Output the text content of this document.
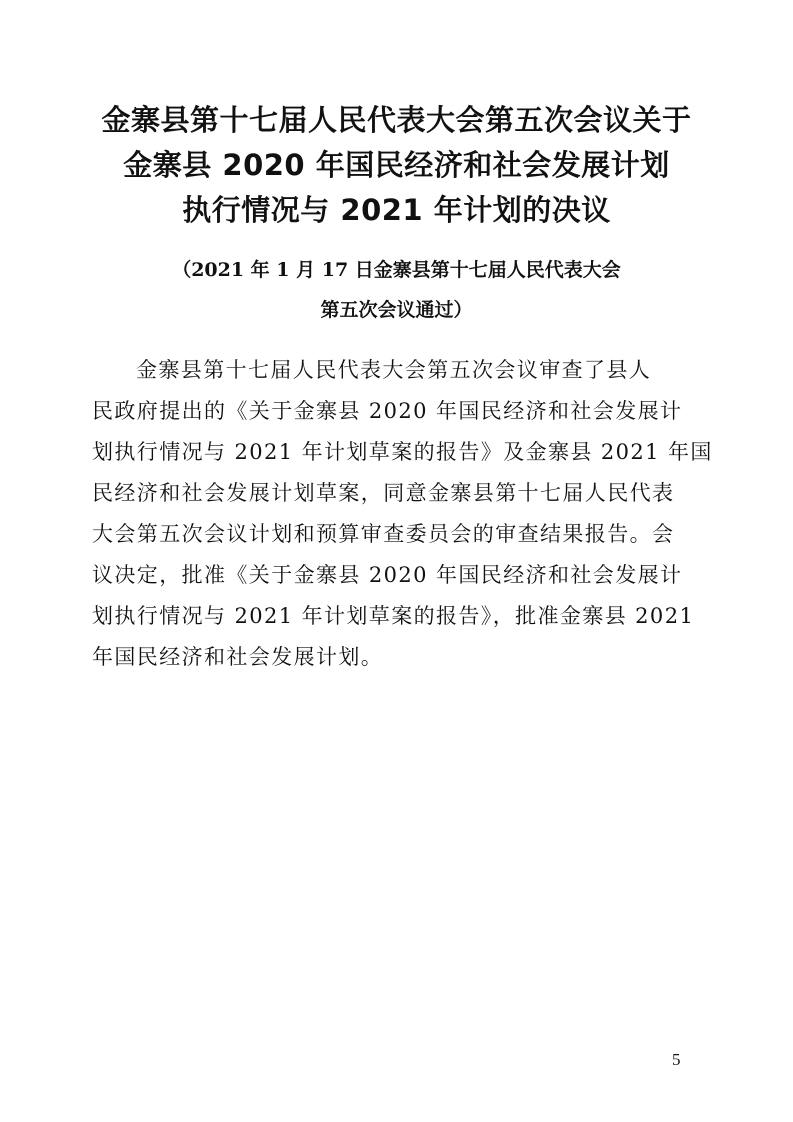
金寨县第十七届人民代表大会第五次会议关于
金寨县 2020 年国民经济和社会发展计划
执行情况与 2021 年计划的决议
（2021 年 1 月 17 日金寨县第十七届人民代表大会
第五次会议通过）
金寨县第十七届人民代表大会第五次会议审查了县人
民政府提出的《关于金寨县 2020 年国民经济和社会发展计
划执行情况与 2021 年计划草案的报告》及金寨县 2021 年国
民经济和社会发展计划草案，同意金寨县第十七届人民代表
大会第五次会议计划和预算审查委员会的审查结果报告。会
议决定，批准《关于金寨县 2020 年国民经济和社会发展计
划执行情况与 2021 年计划草案的报告》，批准金寨县 2021
年国民经济和社会发展计划。
5
